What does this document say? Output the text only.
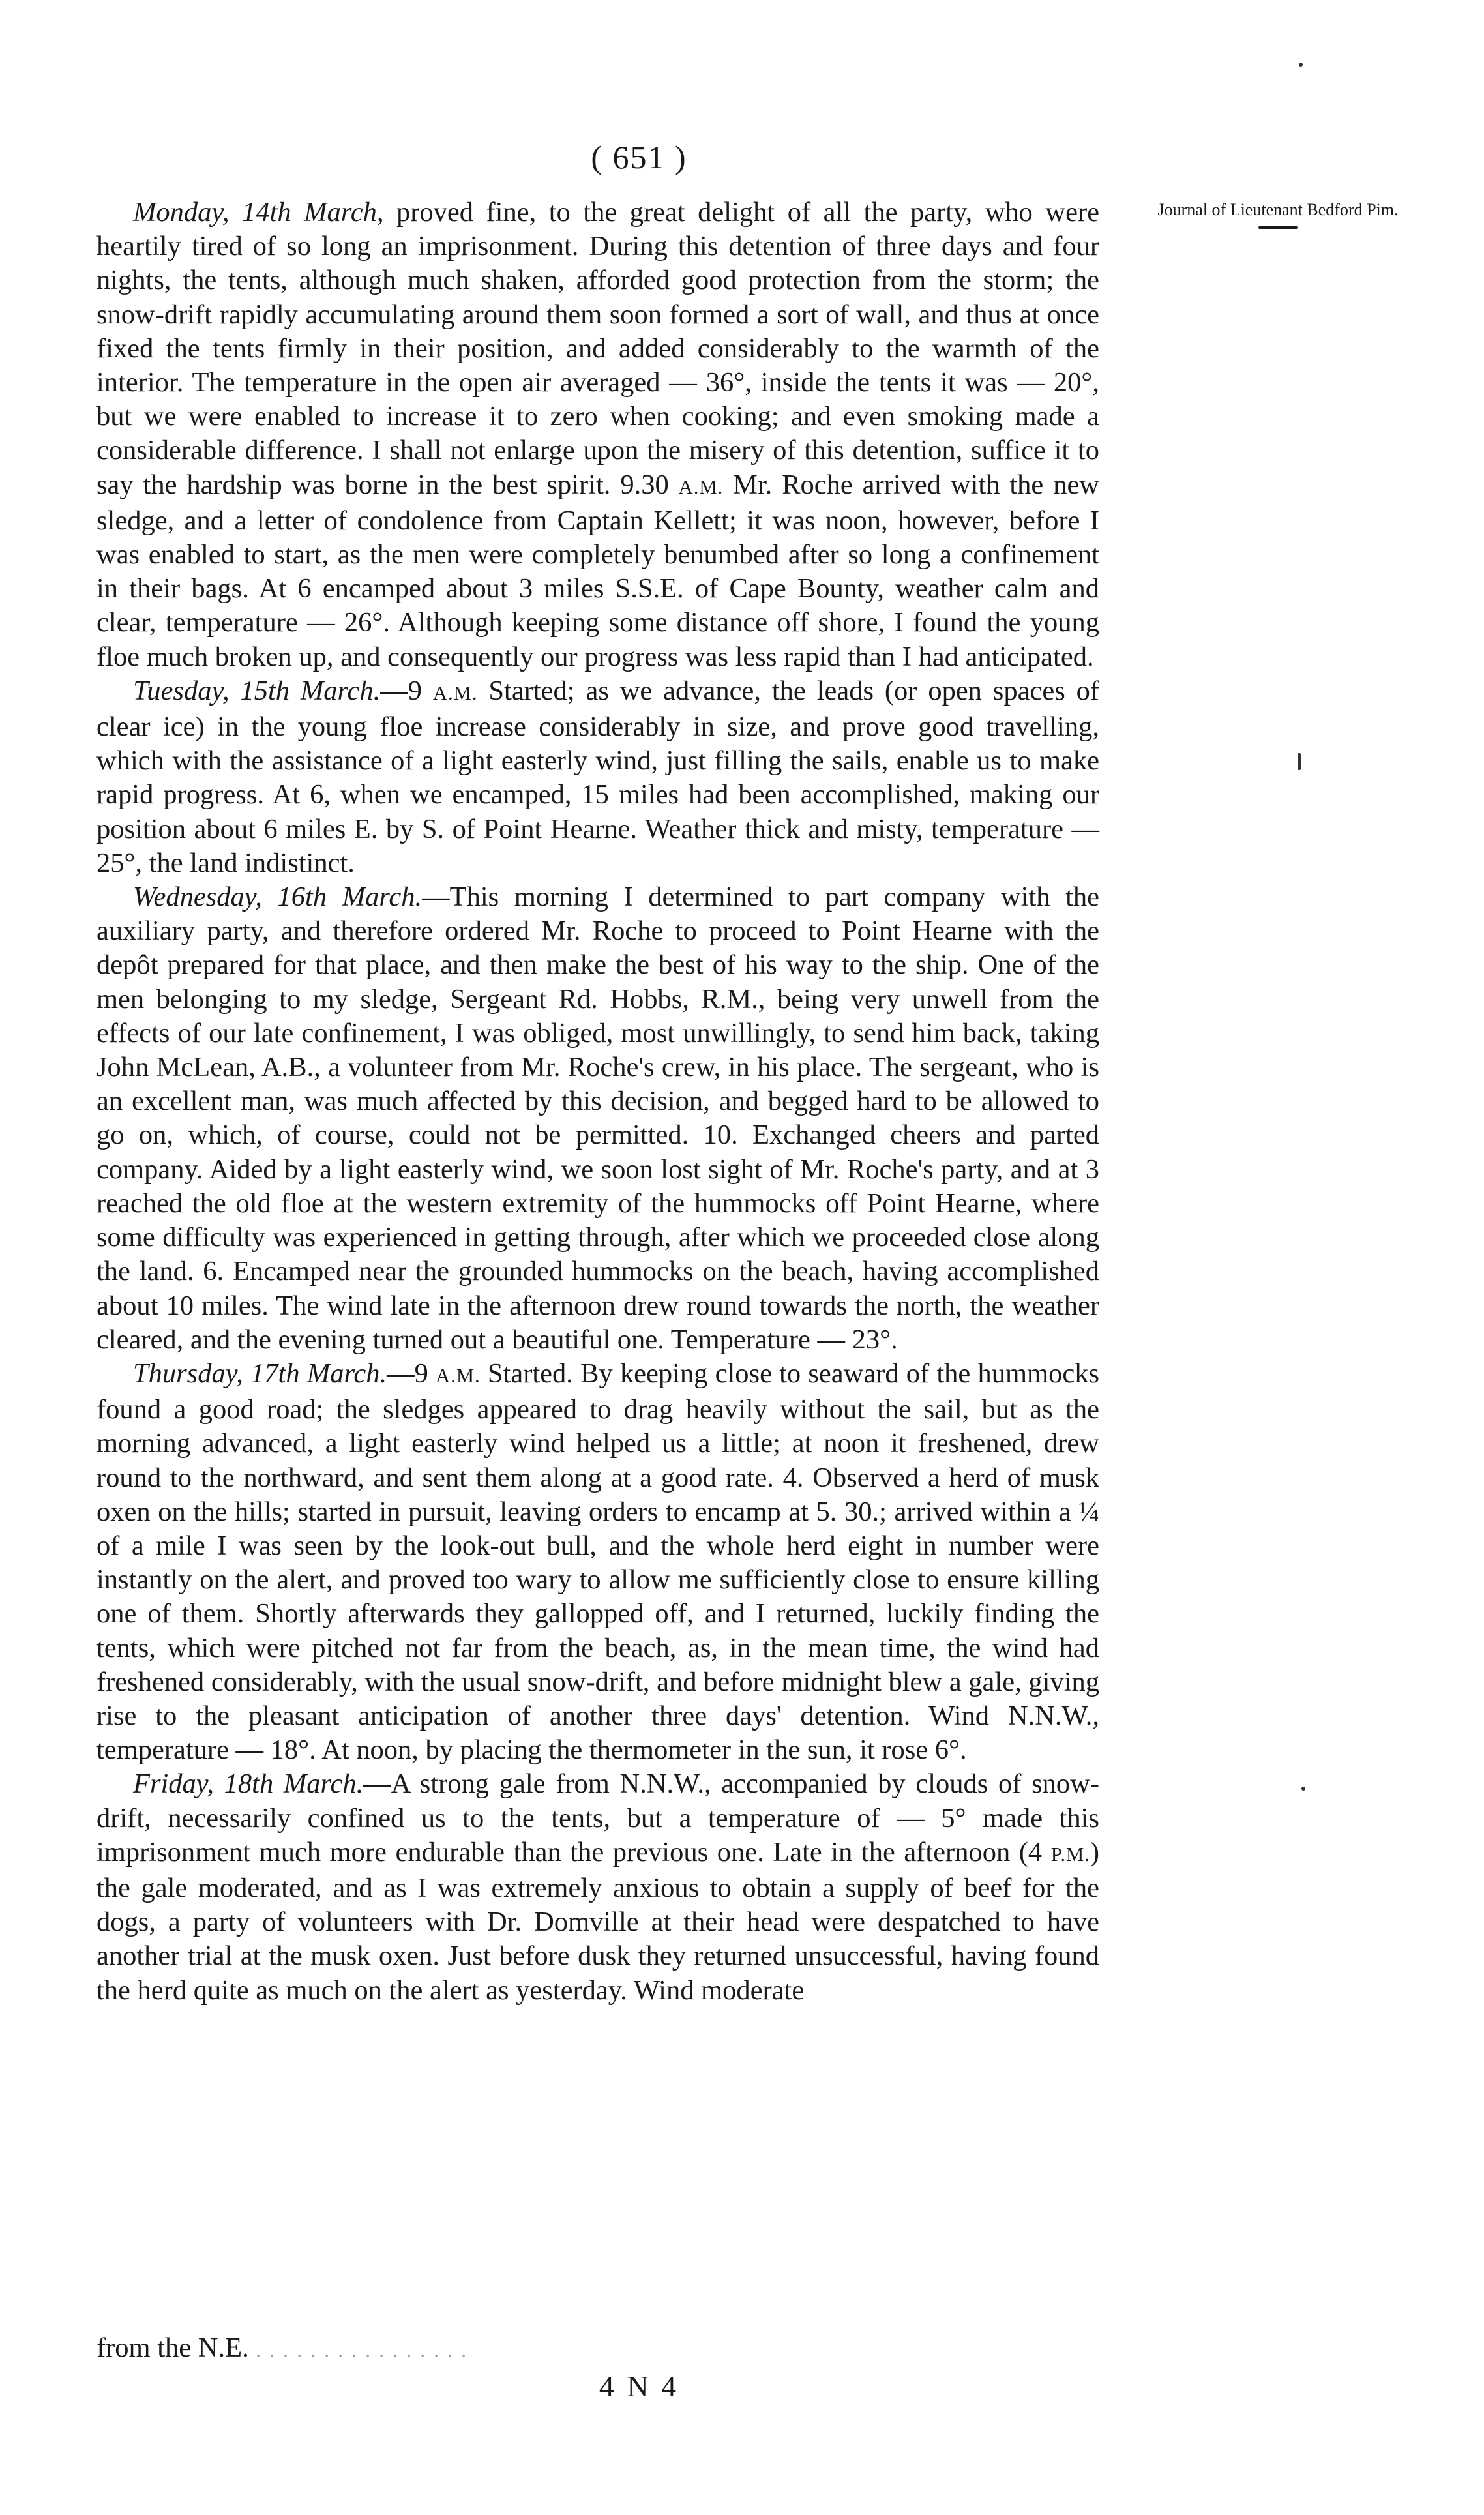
( 651 )
Journal of Lieutenant Bedford Pim.

Monday, 14th March, proved fine, to the great delight of all the party, who were heartily tired of so long an imprisonment. During this detention of three days and four nights, the tents, although much shaken, afforded good protection from the storm; the snow-drift rapidly accumulating around them soon formed a sort of wall, and thus at once fixed the tents firmly in their position, and added considerably to the warmth of the interior. The temperature in the open air averaged — 36°, inside the tents it was — 20°, but we were enabled to increase it to zero when cooking; and even smoking made a considerable difference. I shall not enlarge upon the misery of this detention, suffice it to say the hardship was borne in the best spirit. 9.30 A.M. Mr. Roche arrived with the new sledge, and a letter of condolence from Captain Kellett; it was noon, however, before I was enabled to start, as the men were completely benumbed after so long a confinement in their bags. At 6 encamped about 3 miles S.S.E. of Cape Bounty, weather calm and clear, temperature — 26°. Although keeping some distance off shore, I found the young floe much broken up, and consequently our progress was less rapid than I had anticipated.

Tuesday, 15th March.—9 A.M. Started; as we advance, the leads (or open spaces of clear ice) in the young floe increase considerably in size, and prove good travelling, which with the assistance of a light easterly wind, just filling the sails, enable us to make rapid progress. At 6, when we encamped, 15 miles had been accomplished, making our position about 6 miles E. by S. of Point Hearne. Weather thick and misty, temperature — 25°, the land indistinct.

Wednesday, 16th March.—This morning I determined to part company with the auxiliary party, and therefore ordered Mr. Roche to proceed to Point Hearne with the depôt prepared for that place, and then make the best of his way to the ship. One of the men belonging to my sledge, Sergeant Rd. Hobbs, R.M., being very unwell from the effects of our late confinement, I was obliged, most unwillingly, to send him back, taking John McLean, A.B., a volunteer from Mr. Roche's crew, in his place. The sergeant, who is an excellent man, was much affected by this decision, and begged hard to be allowed to go on, which, of course, could not be permitted. 10. Exchanged cheers and parted company. Aided by a light easterly wind, we soon lost sight of Mr. Roche's party, and at 3 reached the old floe at the western extremity of the hummocks off Point Hearne, where some difficulty was experienced in getting through, after which we proceeded close along the land. 6. Encamped near the grounded hummocks on the beach, having accomplished about 10 miles. The wind late in the afternoon drew round towards the north, the weather cleared, and the evening turned out a beautiful one. Temperature — 23°.

Thursday, 17th March.—9 A.M. Started. By keeping close to seaward of the hummocks found a good road; the sledges appeared to drag heavily without the sail, but as the morning advanced, a light easterly wind helped us a little; at noon it freshened, drew round to the northward, and sent them along at a good rate. 4. Observed a herd of musk oxen on the hills; started in pursuit, leaving orders to encamp at 5. 30.; arrived within a ¼ of a mile I was seen by the look-out bull, and the whole herd eight in number were instantly on the alert, and proved too wary to allow me sufficiently close to ensure killing one of them. Shortly afterwards they gallopped off, and I returned, luckily finding the tents, which were pitched not far from the beach, as, in the mean time, the wind had freshened considerably, with the usual snow-drift, and before midnight blew a gale, giving rise to the pleasant anticipation of another three days' detention. Wind N.N.W., temperature — 18°. At noon, by placing the thermometer in the sun, it rose 6°.

Friday, 18th March.—A strong gale from N.N.W., accompanied by clouds of snow-drift, necessarily confined us to the tents, but a temperature of — 5° made this imprisonment much more endurable than the previous one. Late in the afternoon (4 P.M.) the gale moderated, and as I was extremely anxious to obtain a supply of beef for the dogs, a party of volunteers with Dr. Domville at their head were despatched to have another trial at the musk oxen. Just before dusk they returned unsuccessful, having found the herd quite as much on the alert as yesterday. Wind moderate

from the N.E. . . . . . . . . . . . . . . . .
4 N 4
